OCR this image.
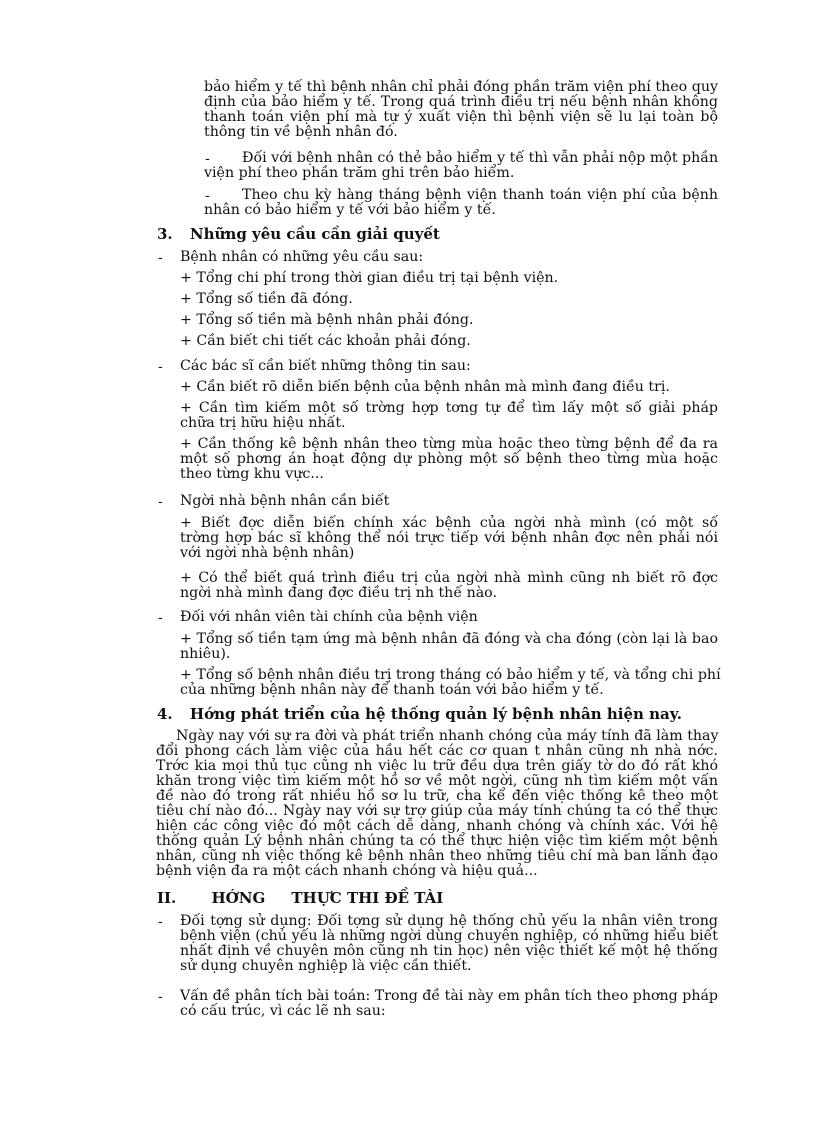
bảo hiểm y tế thì bệnh nhân chỉ phải đóng phần trăm viện phí theo quy
định của bảo hiểm y tế. Trong quá trình điều trị nếu bệnh nhân không
thanh toán viện phí mà tự ý xuất viện thì bệnh viện sẽ lu lại toàn bộ
thông tin về bệnh nhân đó.
-	Đối với bệnh nhân có thẻ bảo hiểm y tế thì vẫn phải nộp một phần
viện phí theo phần trăm ghi trên bảo hiểm.
-	Theo chu kỳ hàng tháng bệnh viện thanh toán viện phí của bệnh
nhân có bảo hiểm y tế với bảo hiểm y tế.
3. Những yêu cầu cần giải quyết
- Bệnh nhân có những yêu cầu sau:
+ Tổng chi phí trong thời gian điều trị tại bệnh viện.
+ Tổng số tiền đã đóng.
+ Tổng số tiền mà bệnh nhân phải đóng.
+ Cần biết chi tiết các khoản phải đóng.
- Các bác sĩ cần biết những thông tin sau:
+ Cần biết rõ diễn biến bệnh của bệnh nhân mà mình đang điều trị.
+ Cần tìm kiếm một số trờng hợp tơng tự để tìm lấy một số giải pháp
chữa trị hữu hiệu nhất.
+ Cần thống kê bệnh nhân theo từng mùa hoặc theo từng bệnh để đa ra
một số phơng án hoạt động dự phòng một số bệnh theo từng mùa hoặc
theo từng khu vực...
- Ngời nhà bệnh nhân cần biết
+ Biết đợc diễn biến chính xác bệnh của ngời nhà mình (có một số
trờng hợp bác sĩ không thể nói trực tiếp với bệnh nhân đợc nên phải nói
với ngời nhà bệnh nhân)
+ Có thể biết quá trình điều trị của ngời nhà mình cũng nh biết rõ đợc
ngời nhà mình đang đợc điều trị nh thế nào.
- Đối với nhân viên tài chính của bệnh viện
+ Tổng số tiền tạm ứng mà bệnh nhân đã đóng và cha đóng (còn lại là bao
nhiêu).
+ Tổng số bệnh nhân điều trị trong tháng có bảo hiểm y tế, và tổng chi phí
của những bệnh nhân này để thanh toán với bảo hiểm y tế.
4. Hớng phát triển của hệ thống quản lý bệnh nhân hiện nay.
Ngày nay với sự ra đời và phát triển nhanh chóng của máy tính đã làm thay
đổi phong cách làm việc của hầu hết các cơ quan t nhân cũng nh nhà nớc.
Trớc kia mọi thủ tục cũng nh việc lu trữ đều dựa trên giấy tờ do đó rất khó
khăn trong việc tìm kiếm một hồ sơ về một ngời, cũng nh tìm kiếm một vấn
đề nào đó trong rất nhiều hồ sơ lu trữ, cha kể đến việc thống kê theo một
tiêu chí nào đó... Ngày nay với sự trợ giúp của máy tính chúng ta có thể thực
hiện các công việc đó một cách dễ dàng, nhanh chóng và chính xác. Với hệ
thống quản Lý bệnh nhân chúng ta có thể thực hiện việc tìm kiếm một bệnh
nhân, cũng nh việc thống kê bệnh nhân theo những tiêu chí mà ban lãnh đạo
bệnh viện đa ra một cách nhanh chóng và hiệu quả...
II. HỚNG     THỰC THI ĐỀ TÀI
- Đối tợng sử dụng: Đối tợng sử dụng hệ thống chủ yếu la nhân viên trong
bệnh viện (chủ yếu là những ngời dùng chuyên nghiệp, có những hiểu biết
nhất định về chuyên môn cũng nh tin học) nên việc thiết kế một hệ thống
sử dụng chuyên nghiệp là việc cần thiết.
- Vấn đề phân tích bài toán: Trong đề tài này em phân tích theo phơng pháp
có cấu trúc, vì các lẽ nh sau:
